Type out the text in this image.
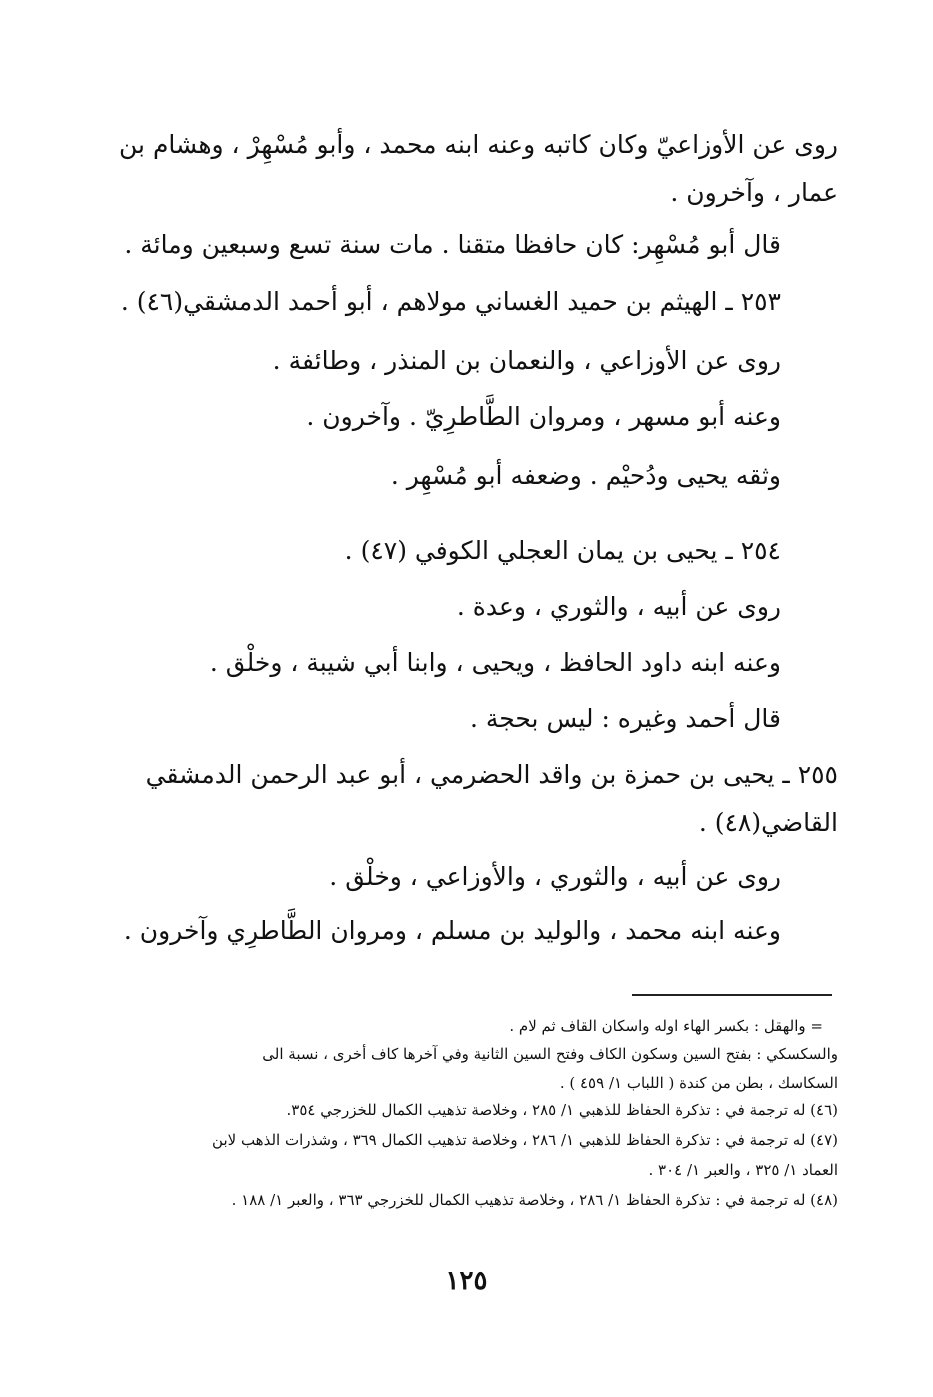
روى عن الأوزاعيّ وكان كاتبه وعنه ابنه محمد ، وأبو مُسْهِرْ ، وهشام بن
عمار ، وآخرون .
قال أبو مُسْهِر: كان حافظا متقنا . مات سنة تسع وسبعين ومائة .
٢٥٣ ـ الهيثم بن حميد الغساني مولاهم ، أبو أحمد الدمشقي(٤٦) .
روى عن الأوزاعي ، والنعمان بن المنذر ، وطائفة .
وعنه أبو مسهر ، ومروان الطَّاطرِيّ . وآخرون .
وثقه يحيى ودُحيْم . وضعفه أبو مُسْهِر .
٢٥٤ ـ يحيى بن يمان العجلي الكوفي (٤٧) .
روى عن أبيه ، والثوري ، وعدة .
وعنه ابنه داود الحافظ ، ويحيى ، وابنا أبي شيبة ، وخلْق .
قال أحمد وغيره : ليس بحجة .
٢٥٥ ـ يحيى بن حمزة بن واقد الحضرمي ، أبو عبد الرحمن الدمشقي
القاضي(٤٨) .
روى عن أبيه ، والثوري ، والأوزاعي ، وخلْق .
وعنه ابنه محمد ، والوليد بن مسلم ، ومروان الطَّاطرِي وآخرون .
= والهقل : بكسر الهاء اوله واسكان القاف ثم لام .
والسكسكي : بفتح السين وسكون الكاف وفتح السين الثانية وفي آخرها كاف أخرى ، نسبة الى
السكاسك ، بطن من كندة ( اللباب ١/ ٤٥٩ ) .
(٤٦) له ترجمة في : تذكرة الحفاظ للذهبي ١/ ٢٨٥ ، وخلاصة تذهيب الكمال للخزرجي ٣٥٤.
(٤٧) له ترجمة في : تذكرة الحفاظ للذهبي ١/ ٢٨٦ ، وخلاصة تذهيب الكمال ٣٦٩ ، وشذرات الذهب لابن
العماد ١/ ٣٢٥ ، والعبر ١/ ٣٠٤ .
(٤٨) له ترجمة في : تذكرة الحفاظ ١/ ٢٨٦ ، وخلاصة تذهيب الكمال للخزرجي ٣٦٣ ، والعبر ١/ ١٨٨ .
١٢٥
